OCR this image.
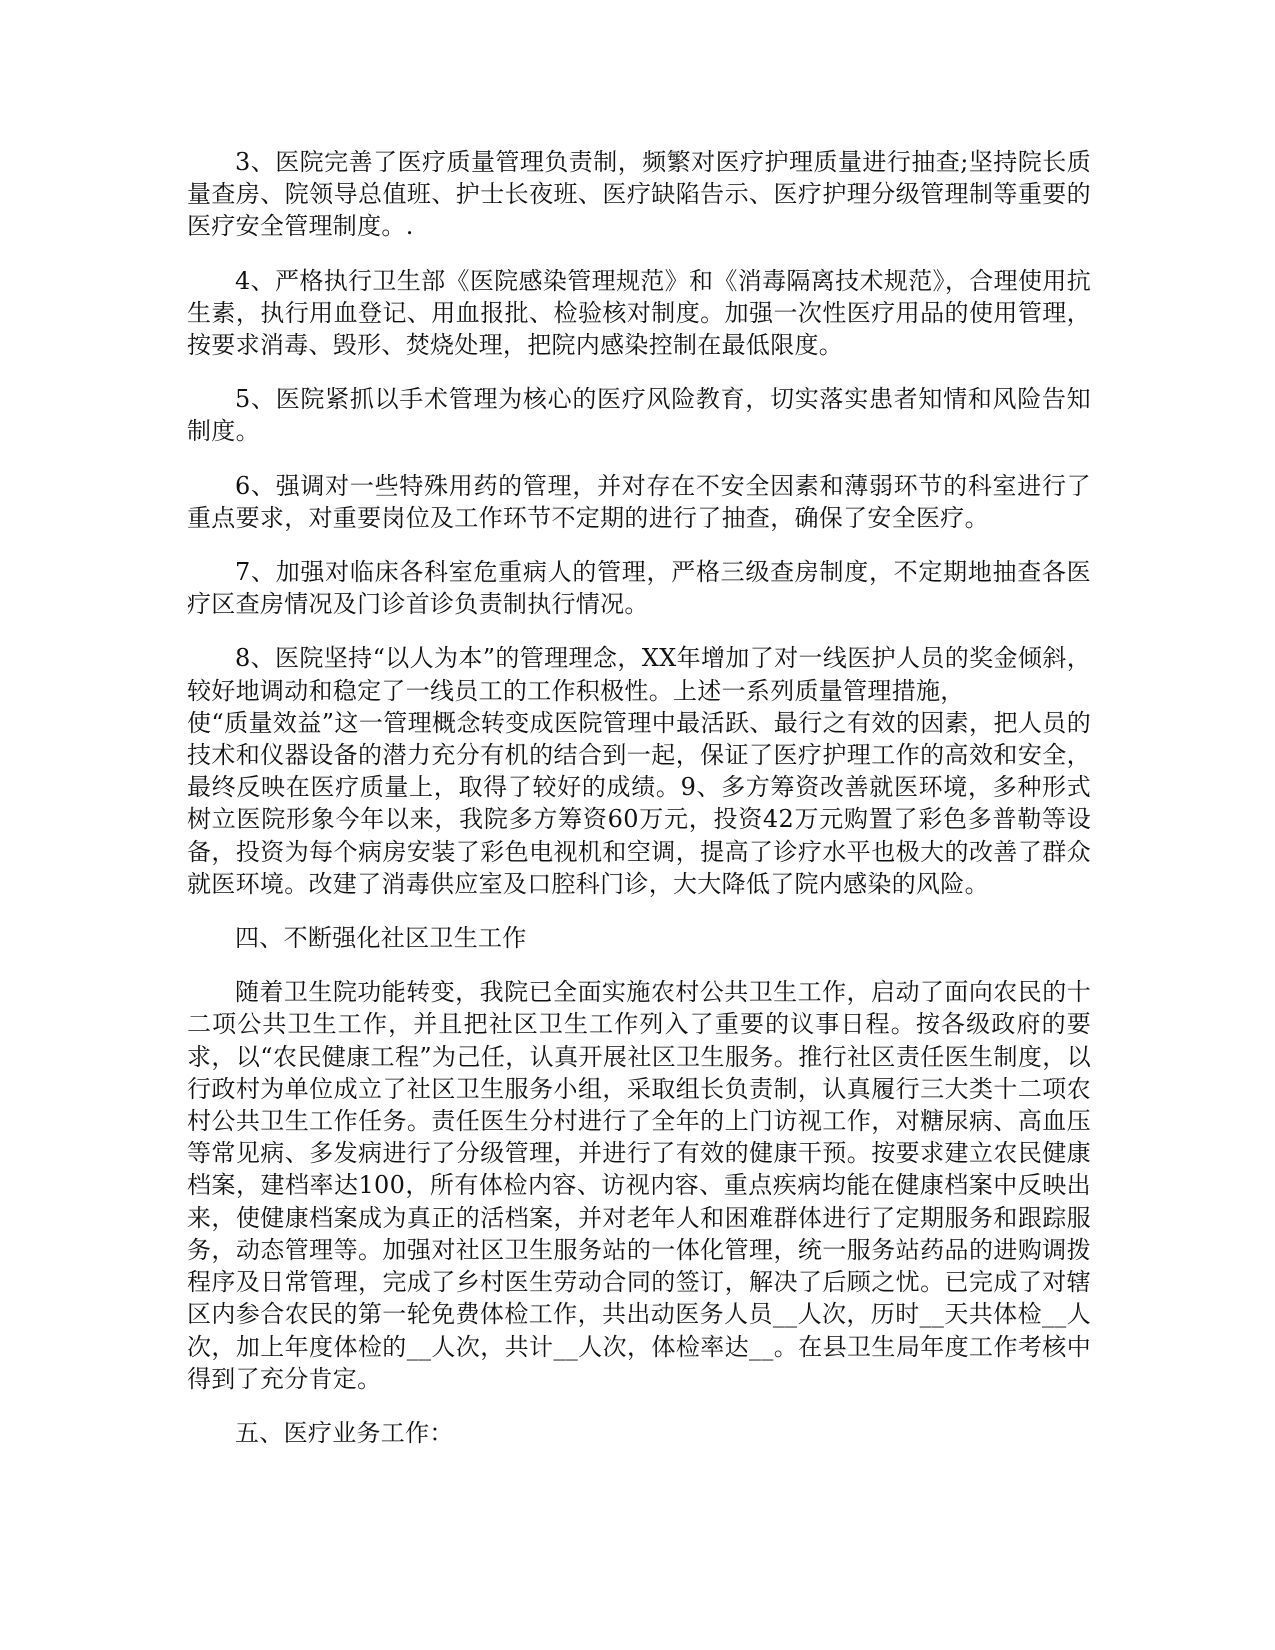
3、医院完善了医疗质量管理负责制，频繁对医疗护理质量进行抽查;坚持院长质量查房、院领导总值班、护士长夜班、医疗缺陷告示、医疗护理分级管理制等重要的医疗安全管理制度。.

4、严格执行卫生部《医院感染管理规范》和《消毒隔离技术规范》，合理使用抗生素，执行用血登记、用血报批、检验核对制度。加强一次性医疗用品的使用管理，按要求消毒、毁形、焚烧处理，把院内感染控制在最低限度。

5、医院紧抓以手术管理为核心的医疗风险教育，切实落实患者知情和风险告知制度。

6、强调对一些特殊用药的管理，并对存在不安全因素和薄弱环节的科室进行了重点要求，对重要岗位及工作环节不定期的进行了抽查，确保了安全医疗。

7、加强对临床各科室危重病人的管理，严格三级查房制度，不定期地抽查各医疗区查房情况及门诊首诊负责制执行情况。

8、医院坚持“以人为本”的管理理念，XX年增加了对一线医护人员的奖金倾斜，较好地调动和稳定了一线员工的工作积极性。上述一系列质量管理措施，
使“质量效益”这一管理概念转变成医院管理中最活跃、最行之有效的因素，把人员的技术和仪器设备的潜力充分有机的结合到一起，保证了医疗护理工作的高效和安全，最终反映在医疗质量上，取得了较好的成绩。9、多方筹资改善就医环境，多种形式树立医院形象今年以来，我院多方筹资60万元，投资42万元购置了彩色多普勒等设备，投资为每个病房安装了彩色电视机和空调，提高了诊疗水平也极大的改善了群众就医环境。改建了消毒供应室及口腔科门诊，大大降低了院内感染的风险。

四、不断强化社区卫生工作

随着卫生院功能转变，我院已全面实施农村公共卫生工作，启动了面向农民的十二项公共卫生工作，并且把社区卫生工作列入了重要的议事日程。按各级政府的要求，以“农民健康工程”为己任，认真开展社区卫生服务。推行社区责任医生制度，以行政村为单位成立了社区卫生服务小组，采取组长负责制，认真履行三大类十二项农村公共卫生工作任务。责任医生分村进行了全年的上门访视工作，对糖尿病、高血压等常见病、多发病进行了分级管理，并进行了有效的健康干预。按要求建立农民健康档案，建档率达100，所有体检内容、访视内容、重点疾病均能在健康档案中反映出来，使健康档案成为真正的活档案，并对老年人和困难群体进行了定期服务和跟踪服务，动态管理等。加强对社区卫生服务站的一体化管理，统一服务站药品的进购调拨程序及日常管理，完成了乡村医生劳动合同的签订，解决了后顾之忧。已完成了对辖区内参合农民的第一轮免费体检工作，共出动医务人员__人次，历时__天共体检__人次，加上年度体检的__人次，共计__人次，体检率达__。在县卫生局年度工作考核中得到了充分肯定。

五、医疗业务工作：
